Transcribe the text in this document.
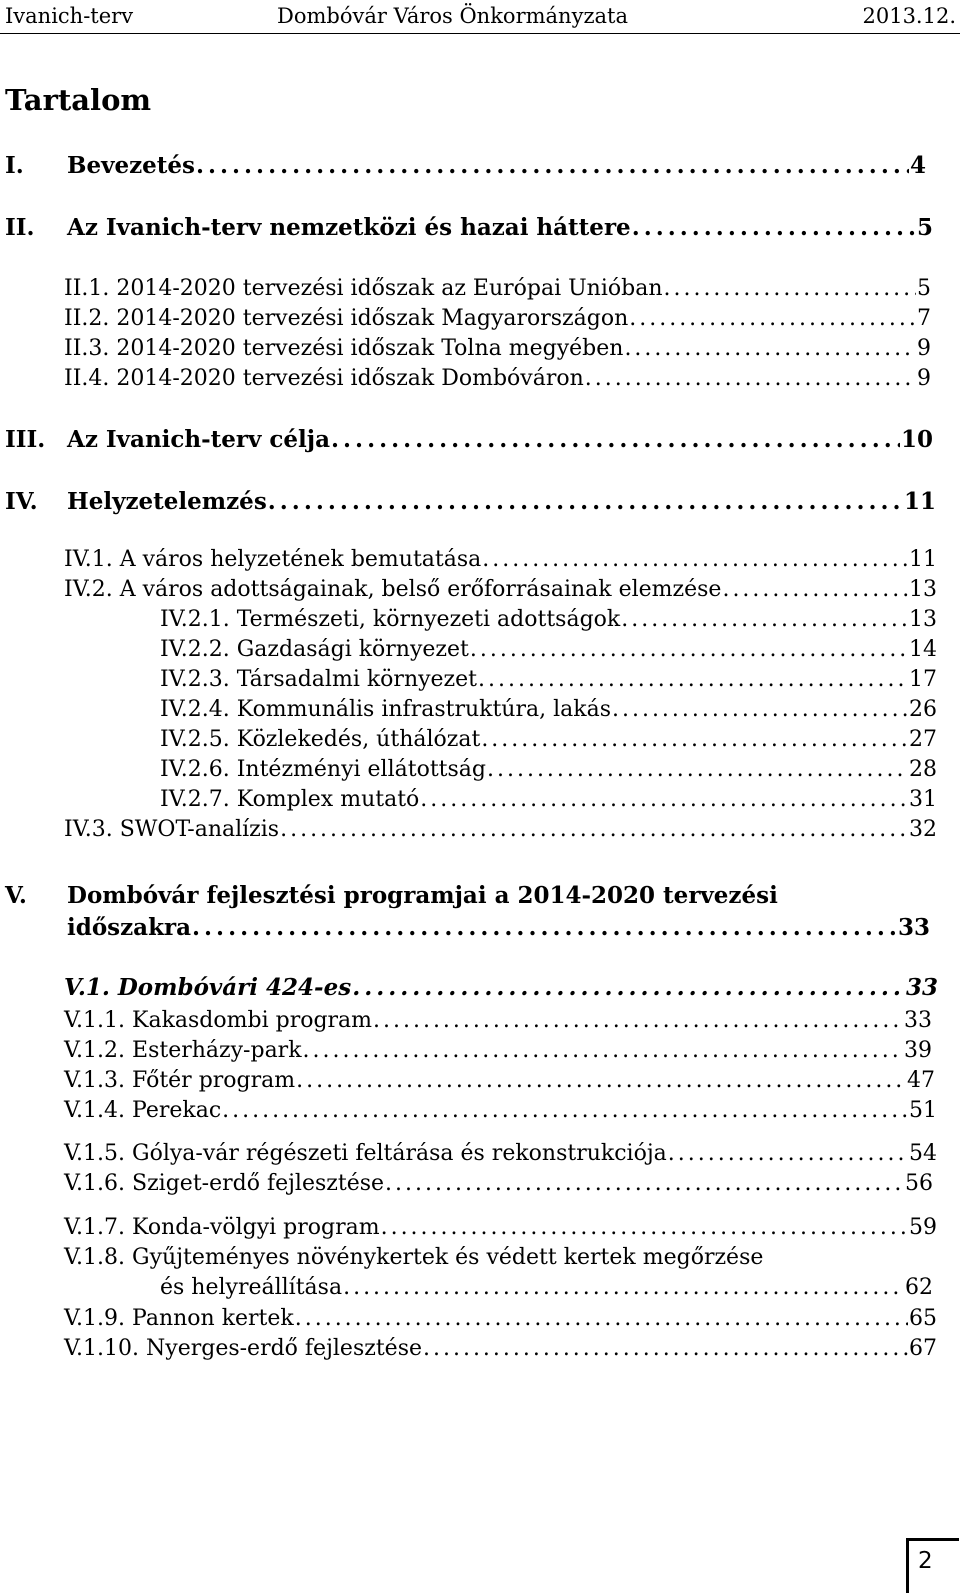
Ivanich-terv	Dombóvár Város Önkormányzata	2013.12.
Tartalom
I.	Bevezetés . . .	4
II.	Az Ivanich-terv nemzetközi és hazai háttere . . .	5
II.1. 2014-2020 tervezési időszak az Európai Unióban . . .	5
II.2. 2014-2020 tervezési időszak Magyarországon . . .	7
II.3. 2014-2020 tervezési időszak Tolna megyében . . .	9
II.4. 2014-2020 tervezési időszak Dombóváron . . .	9
III. Az Ivanich-terv célja . . .	10
IV.	Helyzetelemzés . . .	11
IV.1. A város helyzetének bemutatása . . .	11
IV.2. A város adottságainak, belső erőforrásainak elemzése . . .	13
IV.2.1. Természeti, környezeti adottságok . . .	13
IV.2.2. Gazdasági környezet . . .	14
IV.2.3. Társadalmi környezet . . .	17
IV.2.4. Kommunális infrastruktúra, lakás . . .	26
IV.2.5. Közlekedés, úthálózat . . .	27
IV.2.6. Intézményi ellátottság . . .	28
IV.2.7. Komplex mutató . . .	31
IV.3. SWOT-analízis . . .	32
V. Dombóvár fejlesztési programjai a 2014-2020 tervezési
időszakra . . .	33
V.1. Dombóvári 424-es . . .	33
V.1.1. Kakasdombi program . . .	33
V.1.2. Esterházy-park . . .	39
V.1.3. Főtér program . . .	47
V.1.4. Perekac . . .	51
V.1.5. Gólya-vár régészeti feltárása és rekonstrukciója . . .	54
V.1.6. Sziget-erdő fejlesztése . . .	56
V.1.7. Konda-völgyi program . . .	59
V.1.8. Gyűjteményes növénykertek és védett kertek megőrzése
és helyreállítása . . .	62
V.1.9. Pannon kertek . . .	65
V.1.10. Nyerges-erdő fejlesztése . . .	67
2
